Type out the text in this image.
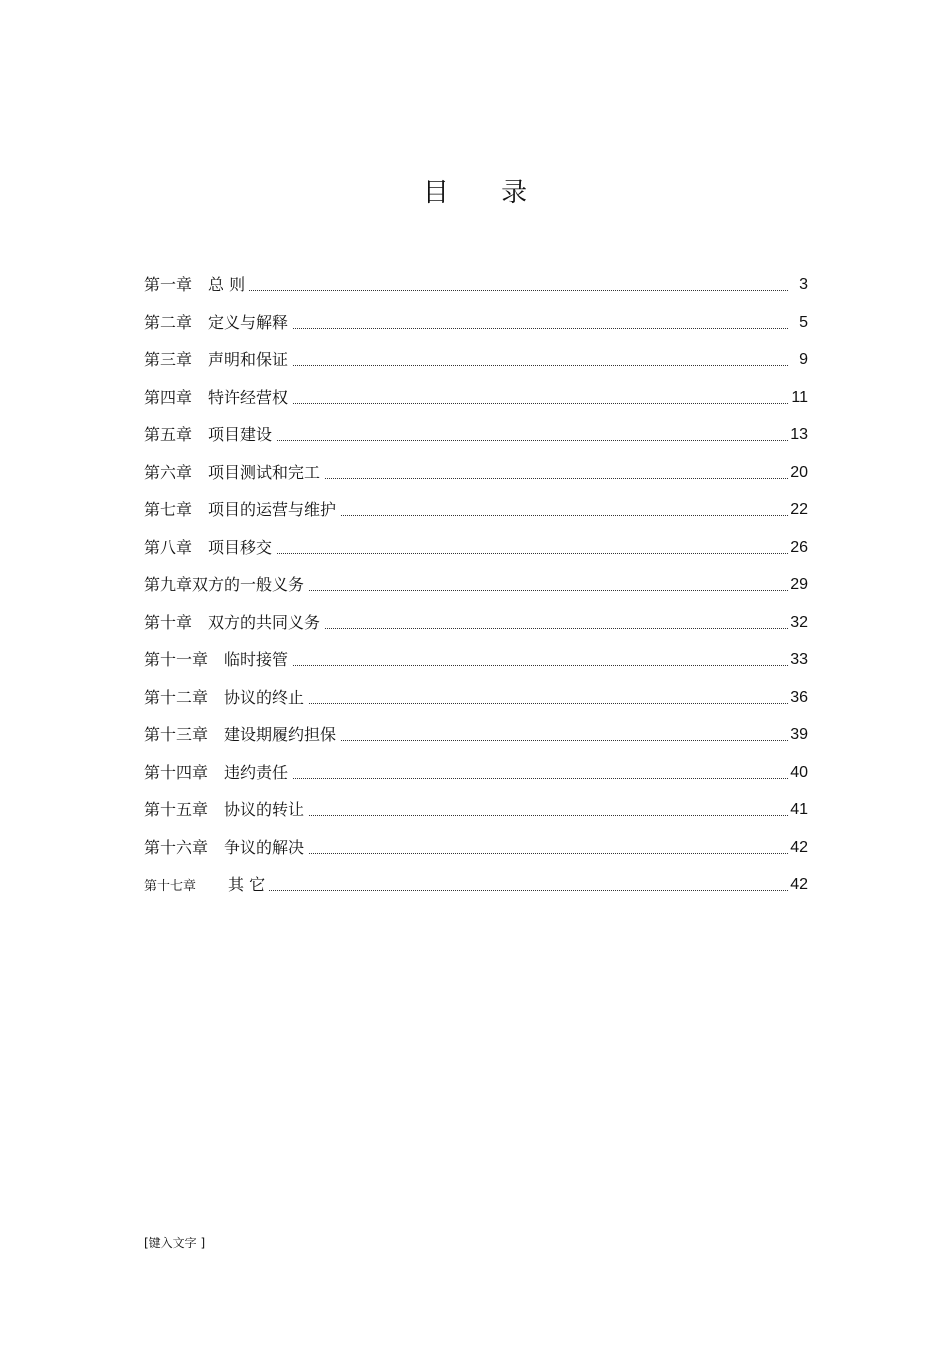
目 录
第一章　 总 则	3
第二章　 定义与解释	5
第三章　 声明和保证	9
第四章　 特许经营权	11
第五章　 项目建设	13
第六章　 项目测试和完工	20
第七章　 项目的运营与维护	22
第八章　 项目移交	26
第九章双方的一般义务	29
第十章　 双方的共同义务	32
第十一章　 临时接管	33
第十二章　 协议的终止	36
第十三章　 建设期履约担保	39
第十四章　 违约责任	40
第十五章　 协议的转让	41
第十六章　 争议的解决	42
第十七章　　 其 它	42
[键入文字 ]
